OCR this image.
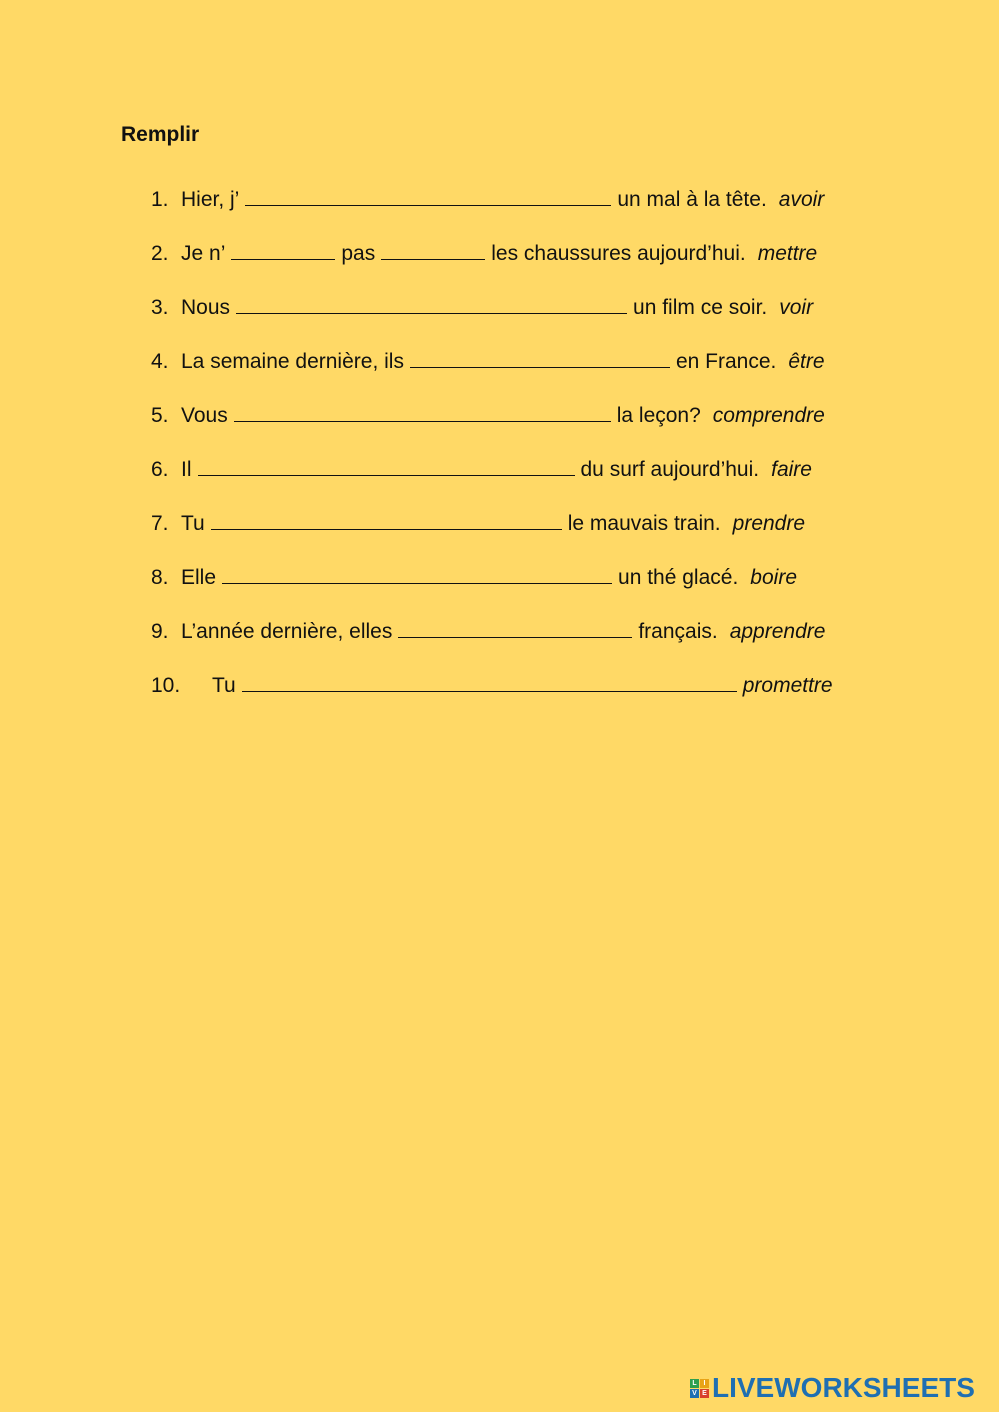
Remplir
1. Hier, j’	un mal à la tête. avoir
2. Je n’	pas	les chaussures aujourd’hui. mettre
3. Nous	un film ce soir. voir
4. La semaine dernière, ils	en France. être
5. Vous	la leçon? comprendre
6. Il	du surf aujourd’hui. faire
7. Tu	le mauvais train. prendre
8. Elle	un thé glacé. boire
9. L’année dernière, elles	français. apprendre
10. Tu	promettre
L I
V E LIVEWORKSHEETS
